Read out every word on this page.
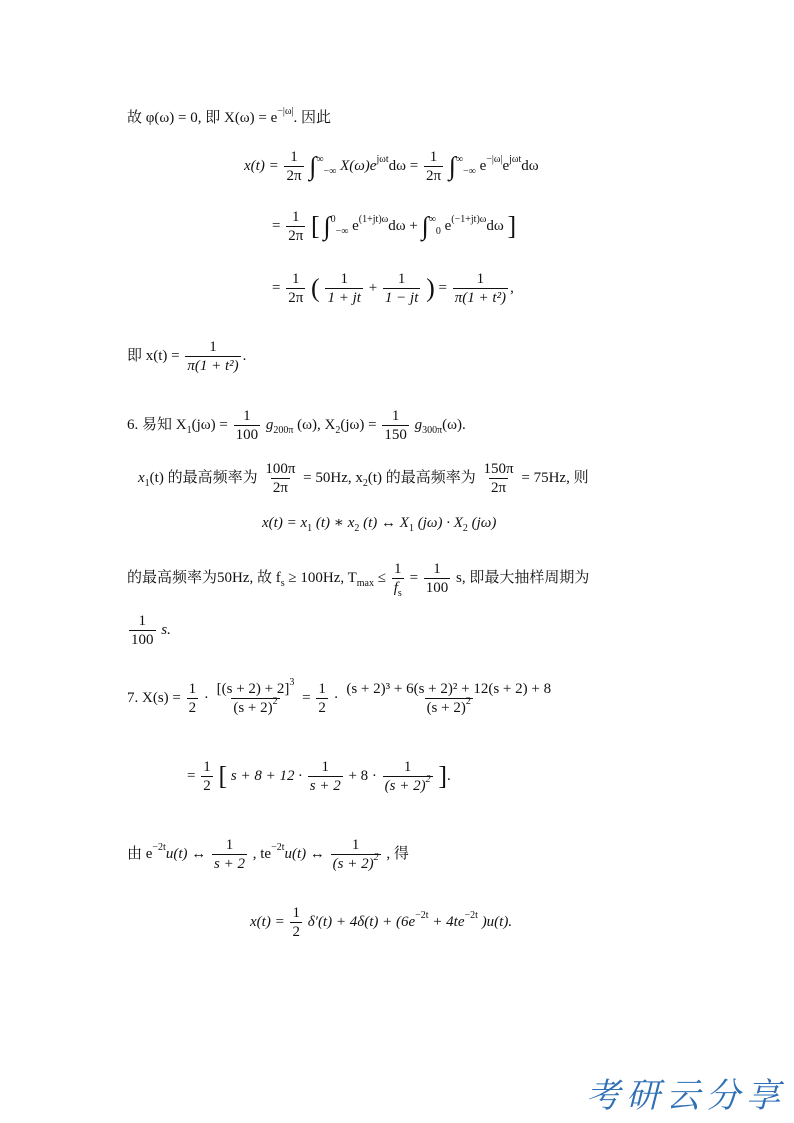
故 φ(ω) = 0, 即 $X(\omega) = e^{-|\omega|}$. 因此
$x(t) = \frac{1}{2\pi} \int^\infty_{-\infty}$ $X(\omega)e^{j\omega t}d\omega = \frac{1}{2\pi} \int^\infty_{-\infty}$ $e^{-|\omega|}e^{j\omega t}d\omega$
= $\frac{1}{2\pi}$ [ ∫$^0_{-\infty}$ $e^{(1+jt)\omega}d\omega + \int^\infty_0$ $e^{(-1+jt)\omega}d\omega$ ]
= $\frac{1}{2\pi}$ ( $\frac{1}{1 + jt} + \frac{1}{1 - jt}$ ) = $\frac{1}{\text{π(1 + t²)}}$ ,
即 $x(t) = \frac{1}{\text{π(1 + t²)}}$ .
6. 易知 $X_1(j\omega) = \frac{1}{100} g_{200\pi}$ (ω), $X_2(j\omega) = \frac{1}{150} g_{300\pi}(\omega)$.
$x_1(t)$ 的最高频率为 $\frac{100\pi}{2\pi} = 50Hz$, $x_2(t)$ 的最高频率为 $\frac{150\pi}{2\pi} = 75Hz$, 则
$x(t) = x_1$ (t) ∗ $x_2$ (t) ↔ $X_1$ $(j\omega) \cdot X_2$ (jω)
的最高频率为50Hz, 故 $f_s \ge 100Hz$, $T_{max} \le \frac{1}{f_s} = \frac{1}{100} s$, 即最大抽样周期为
$\frac{1}{100} s$.
7. $X(s) = \frac{1}{2} \cdot \frac{[(s + 2) + 2]^3}{(s + 2)^2} = \frac{1}{2} \cdot \frac{\text{(s + 2)³ + 6(s + 2)² + 12(s + 2) + 8}}{(s + 2)^2}$
= $\frac{1}{2}$ [ $s + 8 + 12 \cdot \frac{1}{s + 2} + 8 \cdot \frac{1}{(s + 2)^2}$ ].
由 $e^{-2t}u(t)$ ↔ $\frac{1}{s + 2}$ , $te^{-2t}u(t)$ ↔ $\frac{1}{(s + 2)^2}$ , 得
$x(t) = \frac{1}{2} \delta'(t) + 4\delta(t) + (6e^{-2t} + 4te^{-2t}$ )u(t).
考研云分享
